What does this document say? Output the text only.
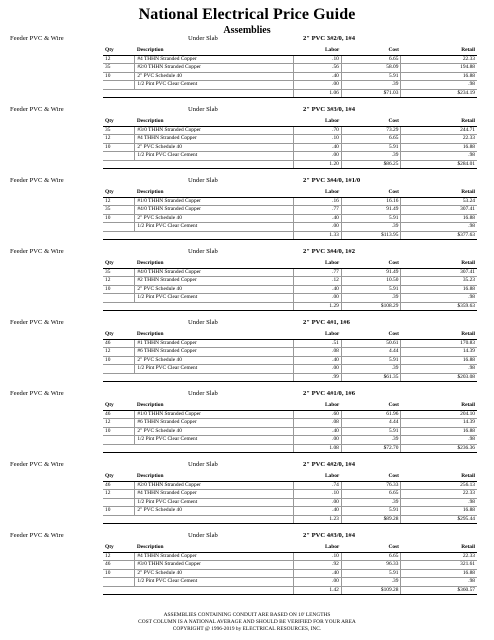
National Electrical Price Guide
Assemblies
Feeder PVC & Wire	Under Slab	2" PVC 3#2/0, 1#4
Qty	Description	Labor	Cost	Retail
12	#4 THHN Stranded Copper	.10	6.65	22.33
35	#2/0 THHN Stranded Copper	.56	58.09	194.88
10	2" PVC Schedule 40	.40	5.91	16.88
	1/2 Pint PVC Clear Cement	.00	.39	.98
		1.06	$71.03	$234.19
Feeder PVC & Wire	Under Slab	2" PVC 3#3/0, 1#4
Qty	Description	Labor	Cost	Retail
35	#3/0 THHN Stranded Copper	.70	73.29	244.71
12	#4 THHN Stranded Copper	.10	6.65	22.33
10	2" PVC Schedule 40	.40	5.91	16.88
	1/2 Pint PVC Clear Cement	.00	.39	.98
		1.20	$86.25	$284.01
Feeder PVC & Wire	Under Slab	2" PVC 3#4/0, 1#1/0
Qty	Description	Labor	Cost	Retail
12	#1/0 THHN Stranded Copper	.16	16.16	53.24
35	#4/0 THHN Stranded Copper	.77	91.49	307.41
10	2" PVC Schedule 40	.40	5.91	16.88
	1/2 Pint PVC Clear Cement	.00	.39	.98
		1.33	$113.95	$377.63
Feeder PVC & Wire	Under Slab	2" PVC 3#4/0, 1#2
Qty	Description	Labor	Cost	Retail
35	#4/0 THHN Stranded Copper	.77	91.49	307.41
12	#2 THHN Stranded Copper	.12	10.50	35.23
10	2" PVC Schedule 40	.40	5.91	16.88
	1/2 Pint PVC Clear Cement	.00	.39	.98
		1.29	$108.29	$359.63
Feeder PVC & Wire	Under Slab	2" PVC 4#1, 1#6
Qty	Description	Labor	Cost	Retail
46	#1 THHN Stranded Copper	.51	50.61	170.83
12	#6 THHN Stranded Copper	.08	4.44	14.39
10	2" PVC Schedule 40	.40	5.91	16.88
	1/2 Pint PVC Clear Cement	.00	.39	.98
		.99	$61.35	$203.08
Feeder PVC & Wire	Under Slab	2" PVC 4#1/0, 1#6
Qty	Description	Labor	Cost	Retail
46	#1/0 THHN Stranded Copper	.60	61.96	204.10
12	#6 THHN Stranded Copper	.08	4.44	14.39
10	2" PVC Schedule 40	.40	5.91	16.88
	1/2 Pint PVC Clear Cement	.00	.39	.98
		1.08	$72.70	$236.36
Feeder PVC & Wire	Under Slab	2" PVC 4#2/0, 1#4
Qty	Description	Labor	Cost	Retail
46	#2/0 THHN Stranded Copper	.74	76.33	256.13
12	#4 THHN Stranded Copper	.10	6.65	22.33
	1/2 Pint PVC Clear Cement	.00	.39	.98
10	2" PVC Schedule 40	.40	5.91	16.88
		1.23	$89.28	$295.44
Feeder PVC & Wire	Under Slab	2" PVC 4#3/0, 1#4
Qty	Description	Labor	Cost	Retail
12	#4 THHN Stranded Copper	.10	6.65	22.33
46	#3/0 THHN Stranded Copper	.92	96.33	321.61
10	2" PVC Schedule 40	.40	5.91	16.88
	1/2 Pint PVC Clear Cement	.00	.39	.98
		1.42	$109.28	$360.57
ASSEMBLIES CONTAINING CONDUIT ARE BASED ON 10' LENGTHS
COST COLUMN IS A NATIONAL AVERAGE AND SHOULD BE VERIFIED FOR YOUR AREA
COPYRIGHT @ 1996-2019 by ELECTRICAL RESOURCES, INC.
